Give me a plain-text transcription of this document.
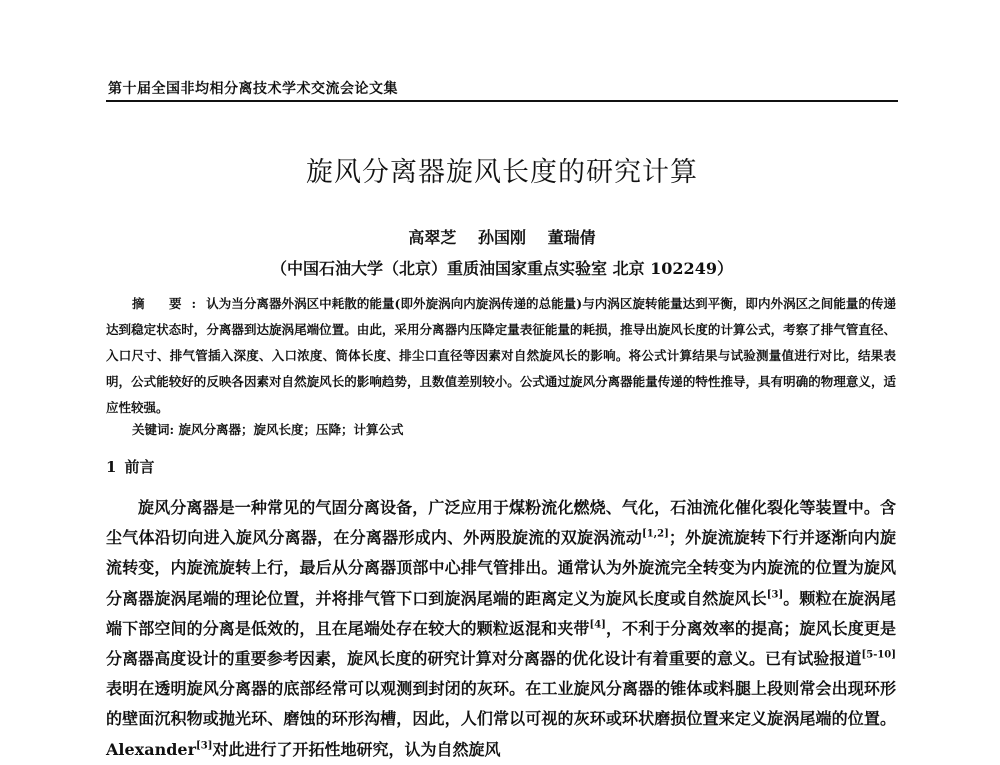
第十届全国非均相分离技术学术交流会论文集
旋风分离器旋风长度的研究计算
高翠芝 孙国刚 董瑞倩
（中国石油大学（北京）重质油国家重点实验室 北京 102249）
摘 要:认为当分离器外涡区中耗散的能量(即外旋涡向内旋涡传递的总能量)与内涡区旋转能量达到平衡，即内外涡区之间能量的传递达到稳定状态时，分离器到达旋涡尾端位置。由此，采用分离器内压降定量表征能量的耗损，推导出旋风长度的计算公式，考察了排气管直径、入口尺寸、排气管插入深度、入口浓度、筒体长度、排尘口直径等因素对自然旋风长的影响。将公式计算结果与试验测量值进行对比，结果表明，公式能较好的反映各因素对自然旋风长的影响趋势，且数值差别较小。公式通过旋风分离器能量传递的特性推导，具有明确的物理意义，适应性较强。
关键词: 旋风分离器；旋风长度；压降；计算公式
1 前言
旋风分离器是一种常见的气固分离设备，广泛应用于煤粉流化燃烧、气化，石油流化催化裂化等装置中。含尘气体沿切向进入旋风分离器，在分离器形成内、外两股旋流的双旋涡流动[1,2]；外旋流旋转下行并逐渐向内旋流转变，内旋流旋转上行，最后从分离器顶部中心排气管排出。通常认为外旋流完全转变为内旋流的位置为旋风分离器旋涡尾端的理论位置，并将排气管下口到旋涡尾端的距离定义为旋风长度或自然旋风长[3]。颗粒在旋涡尾端下部空间的分离是低效的，且在尾端处存在较大的颗粒返混和夹带[4]，不利于分离效率的提高；旋风长度更是分离器高度设计的重要参考因素，旋风长度的研究计算对分离器的优化设计有着重要的意义。已有试验报道[5-10]表明在透明旋风分离器的底部经常可以观测到封闭的灰环。在工业旋风分离器的锥体或料腿上段则常会出现环形的壁面沉积物或抛光环、磨蚀的环形沟槽，因此，人们常以可视的灰环或环状磨损位置来定义旋涡尾端的位置。Alexander[3]对此进行了开拓性地研究，认为自然旋风
